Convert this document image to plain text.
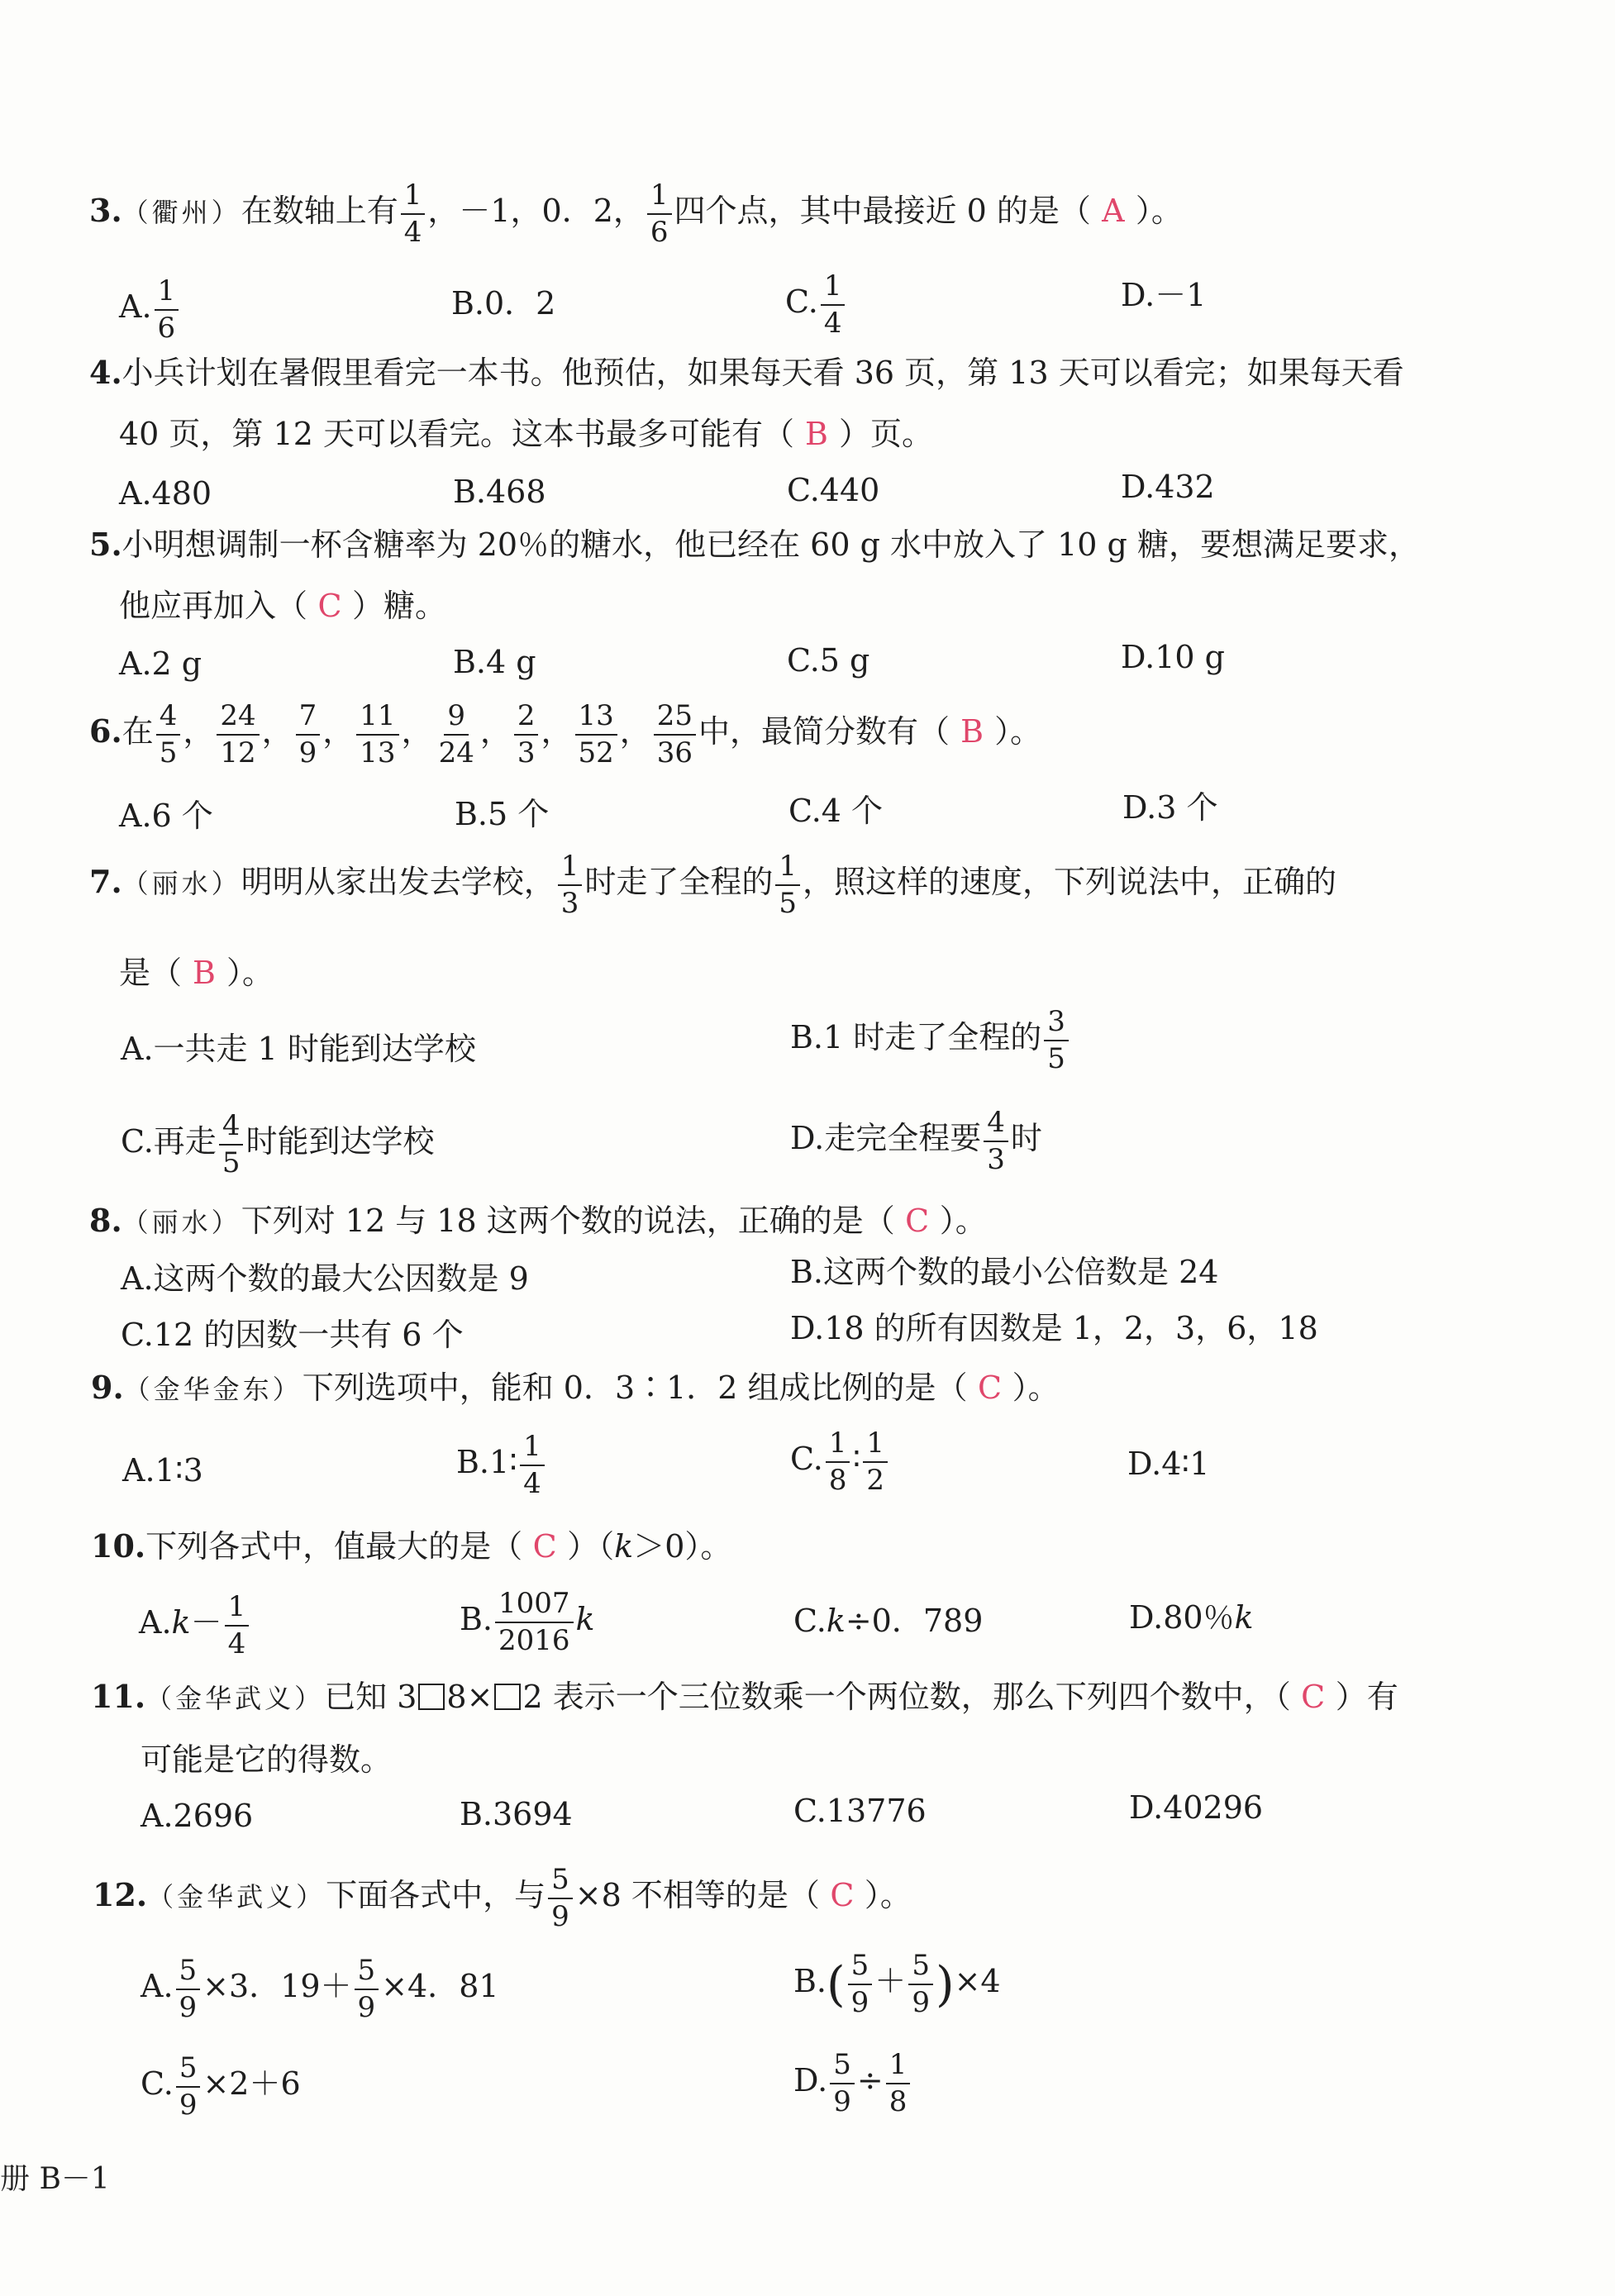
3.（衢州）在数轴上有 $\frac{1}{4}$ ，－1，0．2， $\frac{1}{6}$ 四个点，其中最接近 0 的是（ A ）。
A. $\frac{1}{6}$	B.0．2	C. $\frac{1}{4}$	D.－1
4.小兵计划在暑假里看完一本书。他预估，如果每天看 36 页，第 13 天可以看完；如果每天看
40 页，第 12 天可以看完。这本书最多可能有（ B ）页。
A.480	B.468	C.440	D.432
5.小明想调制一杯含糖率为 20％的糖水，他已经在 60 g 水中放入了 10 g 糖，要想满足要求，
他应再加入（ C ）糖。
A.2 g	B.4 g	C.5 g	D.10 g
6.在 $\frac{4}{5}$ ， $\frac{24}{12}$ ， $\frac{7}{9}$ ， $\frac{11}{13}$ ， $\frac{9}{24}$ ， $\frac{2}{3}$ ， $\frac{13}{52}$ ， $\frac{25}{36}$ 中，最简分数有（ B ）。
A.6 个	B.5 个	C.4 个	D.3 个
7.（丽水）明明从家出发去学校， $\frac{1}{3}$ 时走了全程的 $\frac{1}{5}$ ，照这样的速度，下列说法中，正确的
是（ B ）。
A.一共走 1 时能到达学校	B.1 时走了全程的 $\frac{3}{5}$
C.再走 $\frac{4}{5}$ 时能到达学校	D.走完全程要 $\frac{4}{3}$ 时
8.（丽水）下列对 12 与 18 这两个数的说法，正确的是（ C ）。
A.这两个数的最大公因数是 9	B.这两个数的最小公倍数是 24
C.12 的因数一共有 6 个	D.18 的所有因数是 1，2，3，6，18
9.（金华金东）下列选项中，能和 0．3∶1．2 组成比例的是（ C ）。
A.1∶3	B.1∶ $\frac{1}{4}$	C. $\frac{1}{8}$ ∶ $\frac{1}{2}$	D.4∶1
10.下列各式中，值最大的是（ C ）（k＞0）。
$A.k- \frac{1}{4}$	B. $\frac{1007}{2016}$ k	C.k÷0．789	D.80％k
11.（金华武义）已知 3 8× 2 表示一个三位数乘一个两位数，那么下列四个数中，（ C ）有
可能是它的得数。
A.2696	B.3694	C.13776	D.40296
12.（金华武义）下面各式中，与 $\frac{5}{9} \times 8$ 不相等的是（ C ）。
A. $\frac{5}{9} \times 3$．$19+ \frac{5}{9} \times 4$．81	$B.( \frac{5}{9} + \frac{5}{9} )\times 4$
C. $\frac{5}{9} \times 2+6$	D. $\frac{5}{9} \div \frac{1}{8}$
册 B－1
